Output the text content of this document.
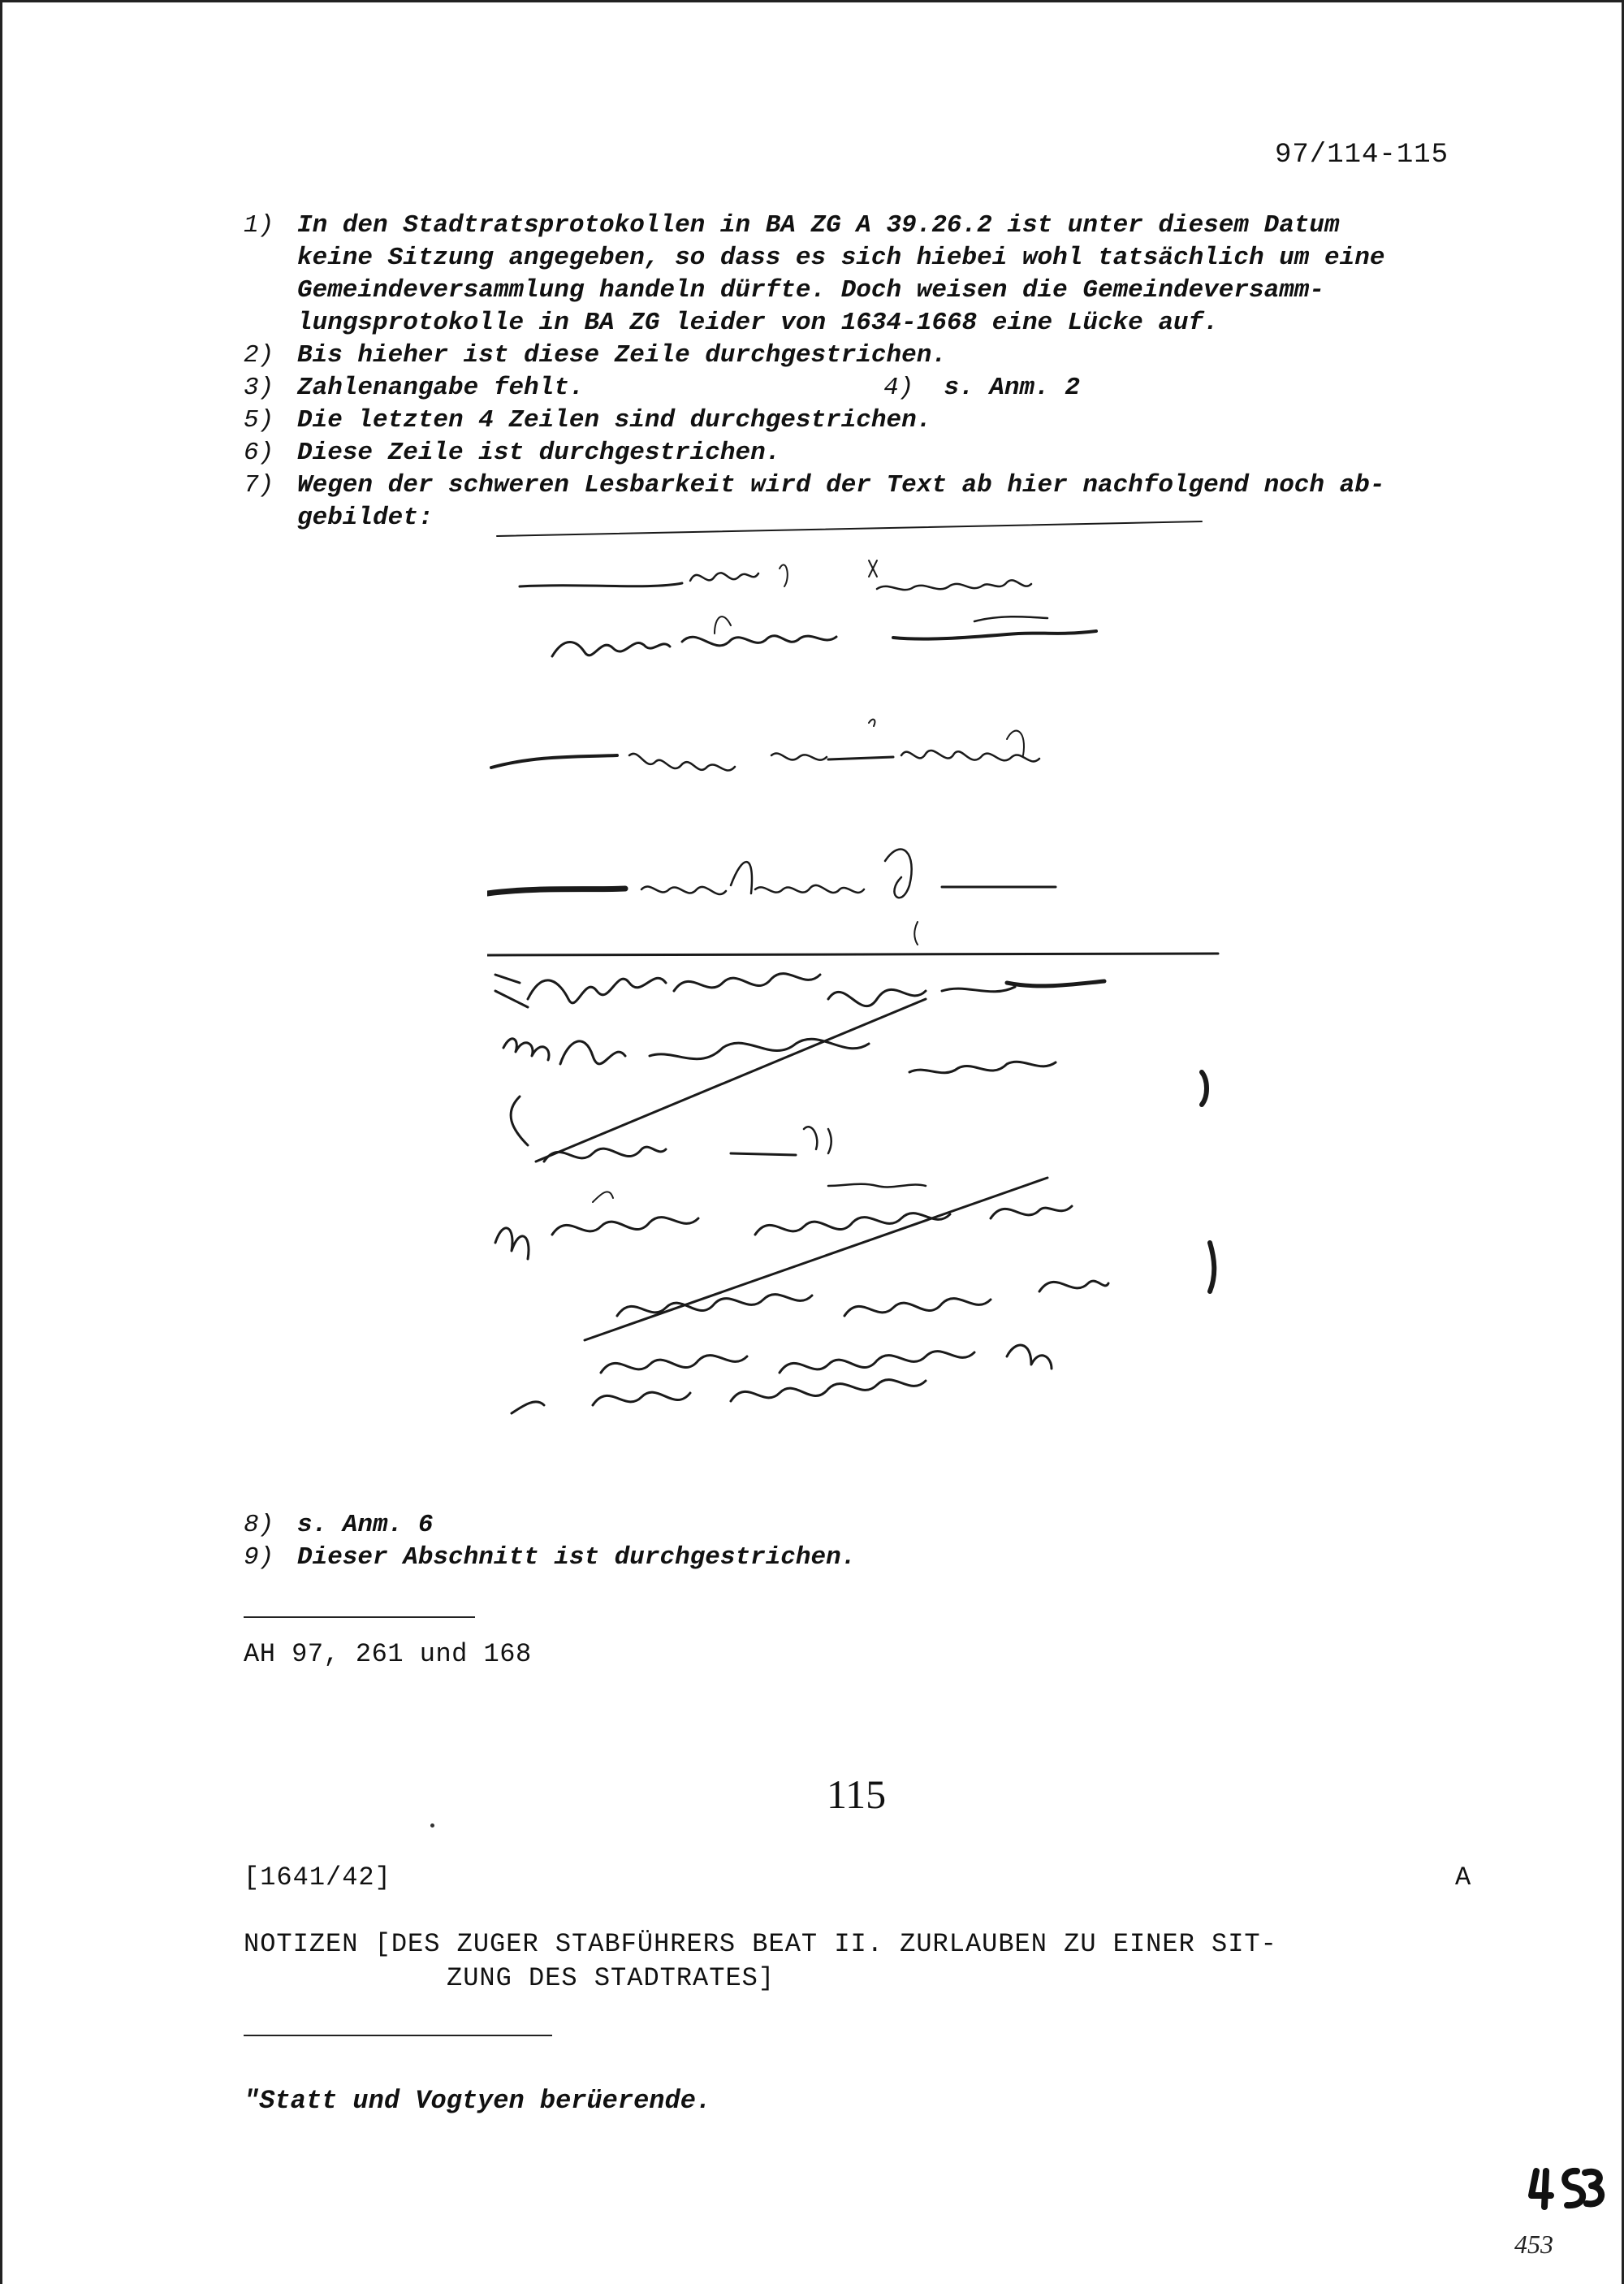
97/114-115
1) In den Stadtratsprotokollen in BA ZG A 39.26.2 ist unter diesem Datum
keine Sitzung angegeben, so dass es sich hiebei wohl tatsächlich um eine
Gemeindeversammlung handeln dürfte. Doch weisen die Gemeindeversamm-
lungsprotokolle in BA ZG leider von 1634-1668 eine Lücke auf.
2) Bis hieher ist diese Zeile durchgestrichen.
3) Zahlenangabe fehlt.	4) s. Anm. 2
5) Die letzten 4 Zeilen sind durchgestrichen.
6) Diese Zeile ist durchgestrichen.
7) Wegen der schweren Lesbarkeit wird der Text ab hier nachfolgend noch ab-
gebildet:
8) s. Anm. 6
9) Dieser Abschnitt ist durchgestrichen.
AH 97, 261 und 168
115
[1641/42]	A
NOTIZEN [DES ZUGER STABFÜHRERS BEAT II. ZURLAUBEN ZU EINER SIT-
ZUNG DES STADTRATES]
"Statt und Vogtyen berüerende.
453
